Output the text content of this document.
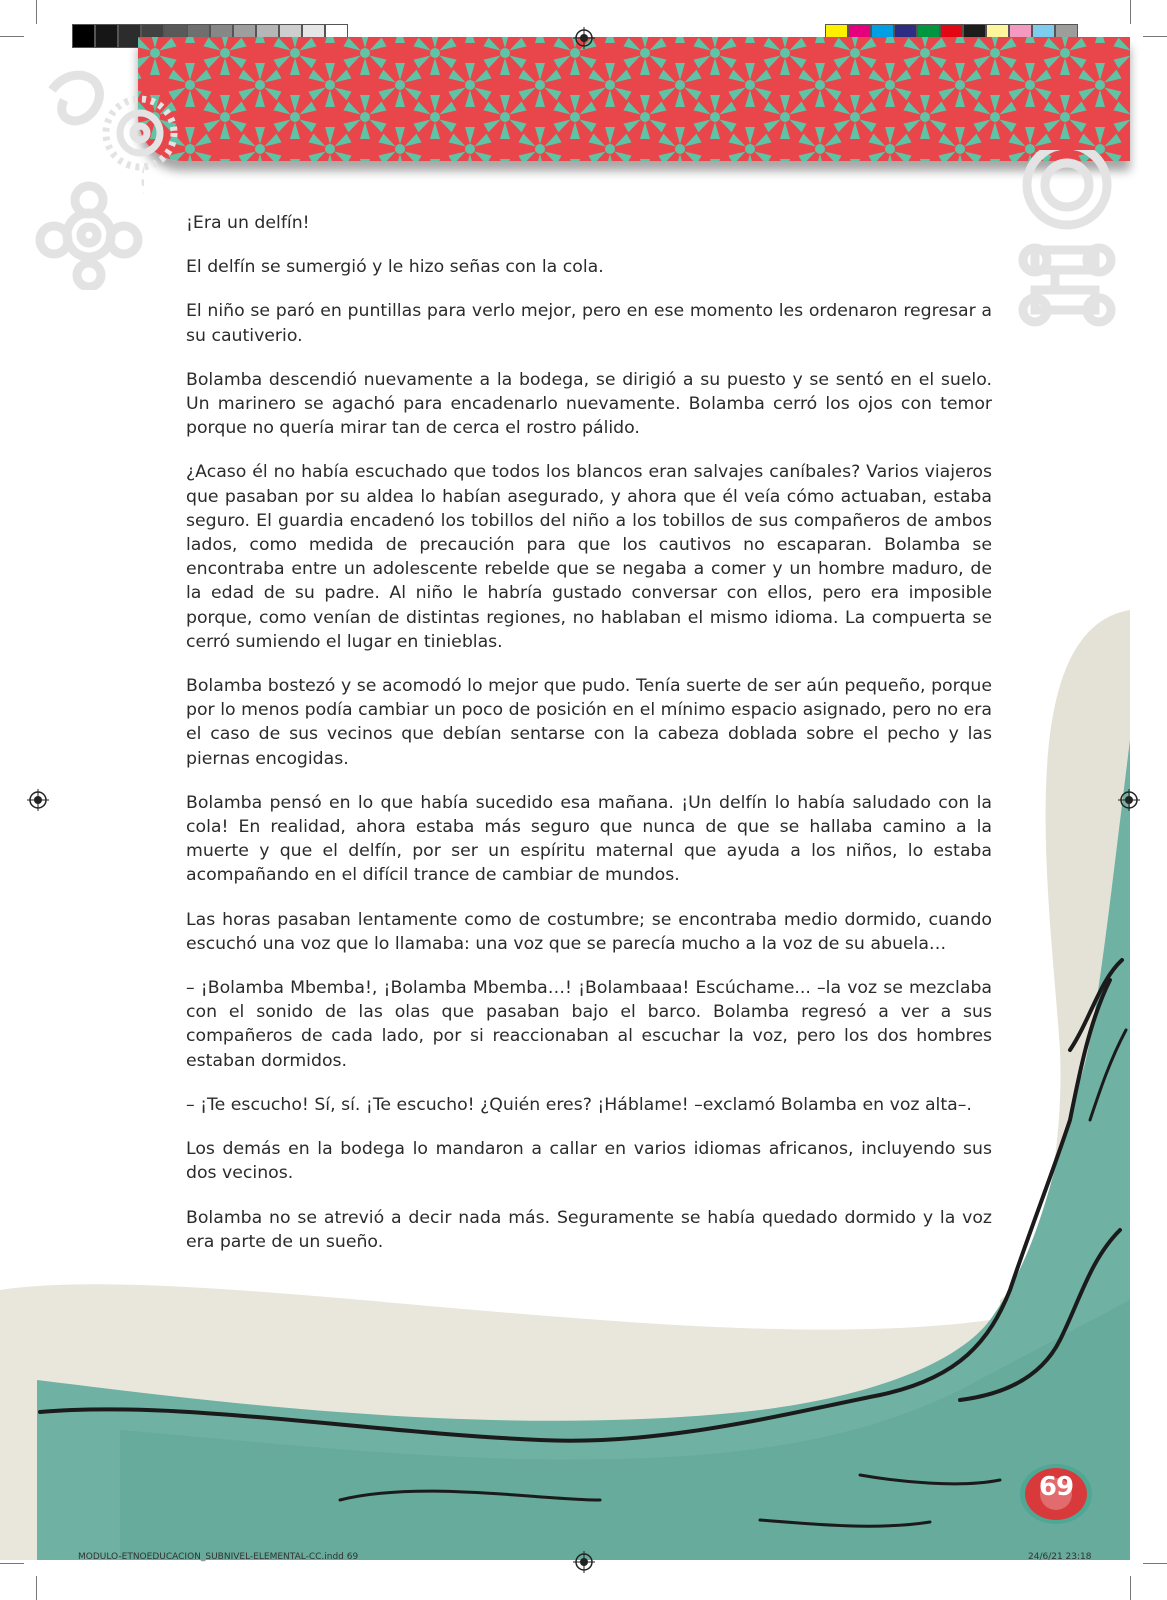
¡Era un delfín!

El delfín se sumergió y le hizo señas con la cola.

El niño se paró en puntillas para verlo mejor, pero en ese momento les ordenaron regresar a su cautiverio.

Bolamba descendió nuevamente a la bodega, se dirigió a su puesto y se sentó en el suelo. Un marinero se agachó para encadenarlo nuevamente. Bolamba cerró los ojos con temor porque no quería mirar tan de cerca el rostro pálido.

¿Acaso él no había escuchado que todos los blancos eran salvajes caníbales? Varios viajeros que pasaban por su aldea lo habían asegurado, y ahora que él veía cómo actuaban, estaba seguro. El guardia encadenó los tobillos del niño a los tobillos de sus compañeros de ambos lados, como medida de precaución para que los cautivos no escaparan. Bolamba se encontraba entre un adolescente rebelde que se negaba a comer y un hombre maduro, de la edad de su padre. Al niño le habría gustado conversar con ellos, pero era imposible porque, como venían de distintas regiones, no hablaban el mismo idioma. La compuerta se cerró sumiendo el lugar en tinieblas.

Bolamba bostezó y se acomodó lo mejor que pudo. Tenía suerte de ser aún pequeño, porque por lo menos podía cambiar un poco de posición en el mínimo espacio asignado, pero no era el caso de sus vecinos que debían sentarse con la cabeza doblada sobre el pecho y las piernas encogidas.

Bolamba pensó en lo que había sucedido esa mañana. ¡Un delfín lo había saludado con la cola! En realidad, ahora estaba más seguro que nunca de que se hallaba camino a la muerte y que el delfín, por ser un espíritu maternal que ayuda a los niños, lo estaba acompañando en el difícil trance de cambiar de mundos.

Las horas pasaban lentamente como de costumbre; se encontraba medio dormido, cuando escuchó una voz que lo llamaba: una voz que se parecía mucho a la voz de su abuela…

– ¡Bolamba Mbemba!, ¡Bolamba Mbemba…! ¡Bolambaaa! Escúchame... –la voz se mezclaba con el sonido de las olas que pasaban bajo el barco. Bolamba regresó a ver a sus compañeros de cada lado, por si reaccionaban al escuchar la voz, pero los dos hombres estaban dormidos.

– ¡Te escucho! Sí, sí. ¡Te escucho! ¿Quién eres? ¡Háblame! –exclamó Bolamba en voz alta–.

Los demás en la bodega lo mandaron a callar en varios idiomas africanos, incluyendo sus dos vecinos.

Bolamba no se atrevió a decir nada más. Seguramente se había quedado dormido y la voz era parte de un sueño.

69
MODULO-ETNOEDUCACION_SUBNIVEL-ELEMENTAL-CC.indd 69	24/6/21 23:18
